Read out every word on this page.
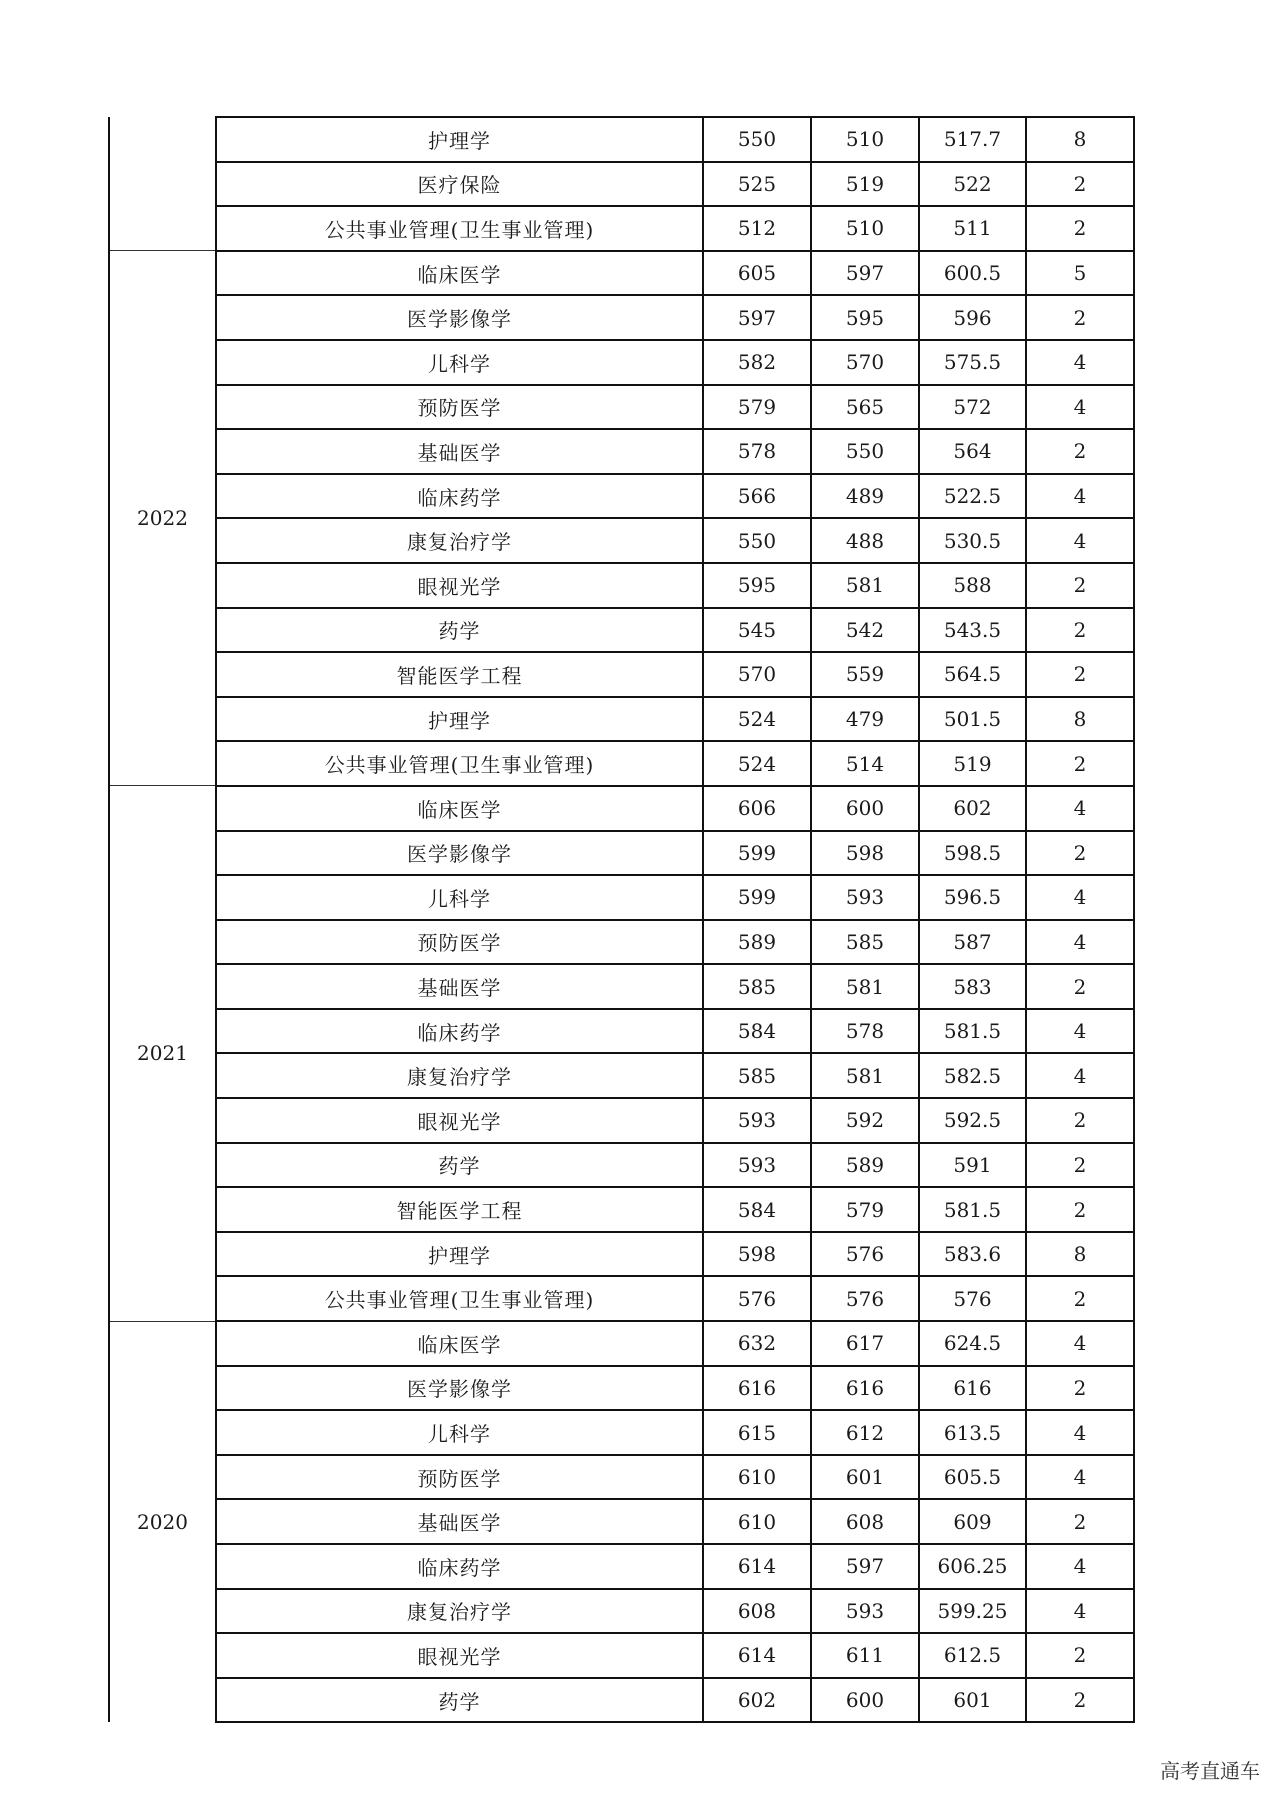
	护理学	550	510	517.7	8
	医疗保险	525	519	522	2
	公共事业管理(卫生事业管理)	512	510	511	2
2022	临床医学	605	597	600.5	5
	医学影像学	597	595	596	2
	儿科学	582	570	575.5	4
	预防医学	579	565	572	4
	基础医学	578	550	564	2
	临床药学	566	489	522.5	4
	康复治疗学	550	488	530.5	4
	眼视光学	595	581	588	2
	药学	545	542	543.5	2
	智能医学工程	570	559	564.5	2
	护理学	524	479	501.5	8
	公共事业管理(卫生事业管理)	524	514	519	2
2021	临床医学	606	600	602	4
	医学影像学	599	598	598.5	2
	儿科学	599	593	596.5	4
	预防医学	589	585	587	4
	基础医学	585	581	583	2
	临床药学	584	578	581.5	4
	康复治疗学	585	581	582.5	4
	眼视光学	593	592	592.5	2
	药学	593	589	591	2
	智能医学工程	584	579	581.5	2
	护理学	598	576	583.6	8
	公共事业管理(卫生事业管理)	576	576	576	2
2020	临床医学	632	617	624.5	4
	医学影像学	616	616	616	2
	儿科学	615	612	613.5	4
	预防医学	610	601	605.5	4
	基础医学	610	608	609	2
	临床药学	614	597	606.25	4
	康复治疗学	608	593	599.25	4
	眼视光学	614	611	612.5	2
	药学	602	600	601	2
高考直通车
